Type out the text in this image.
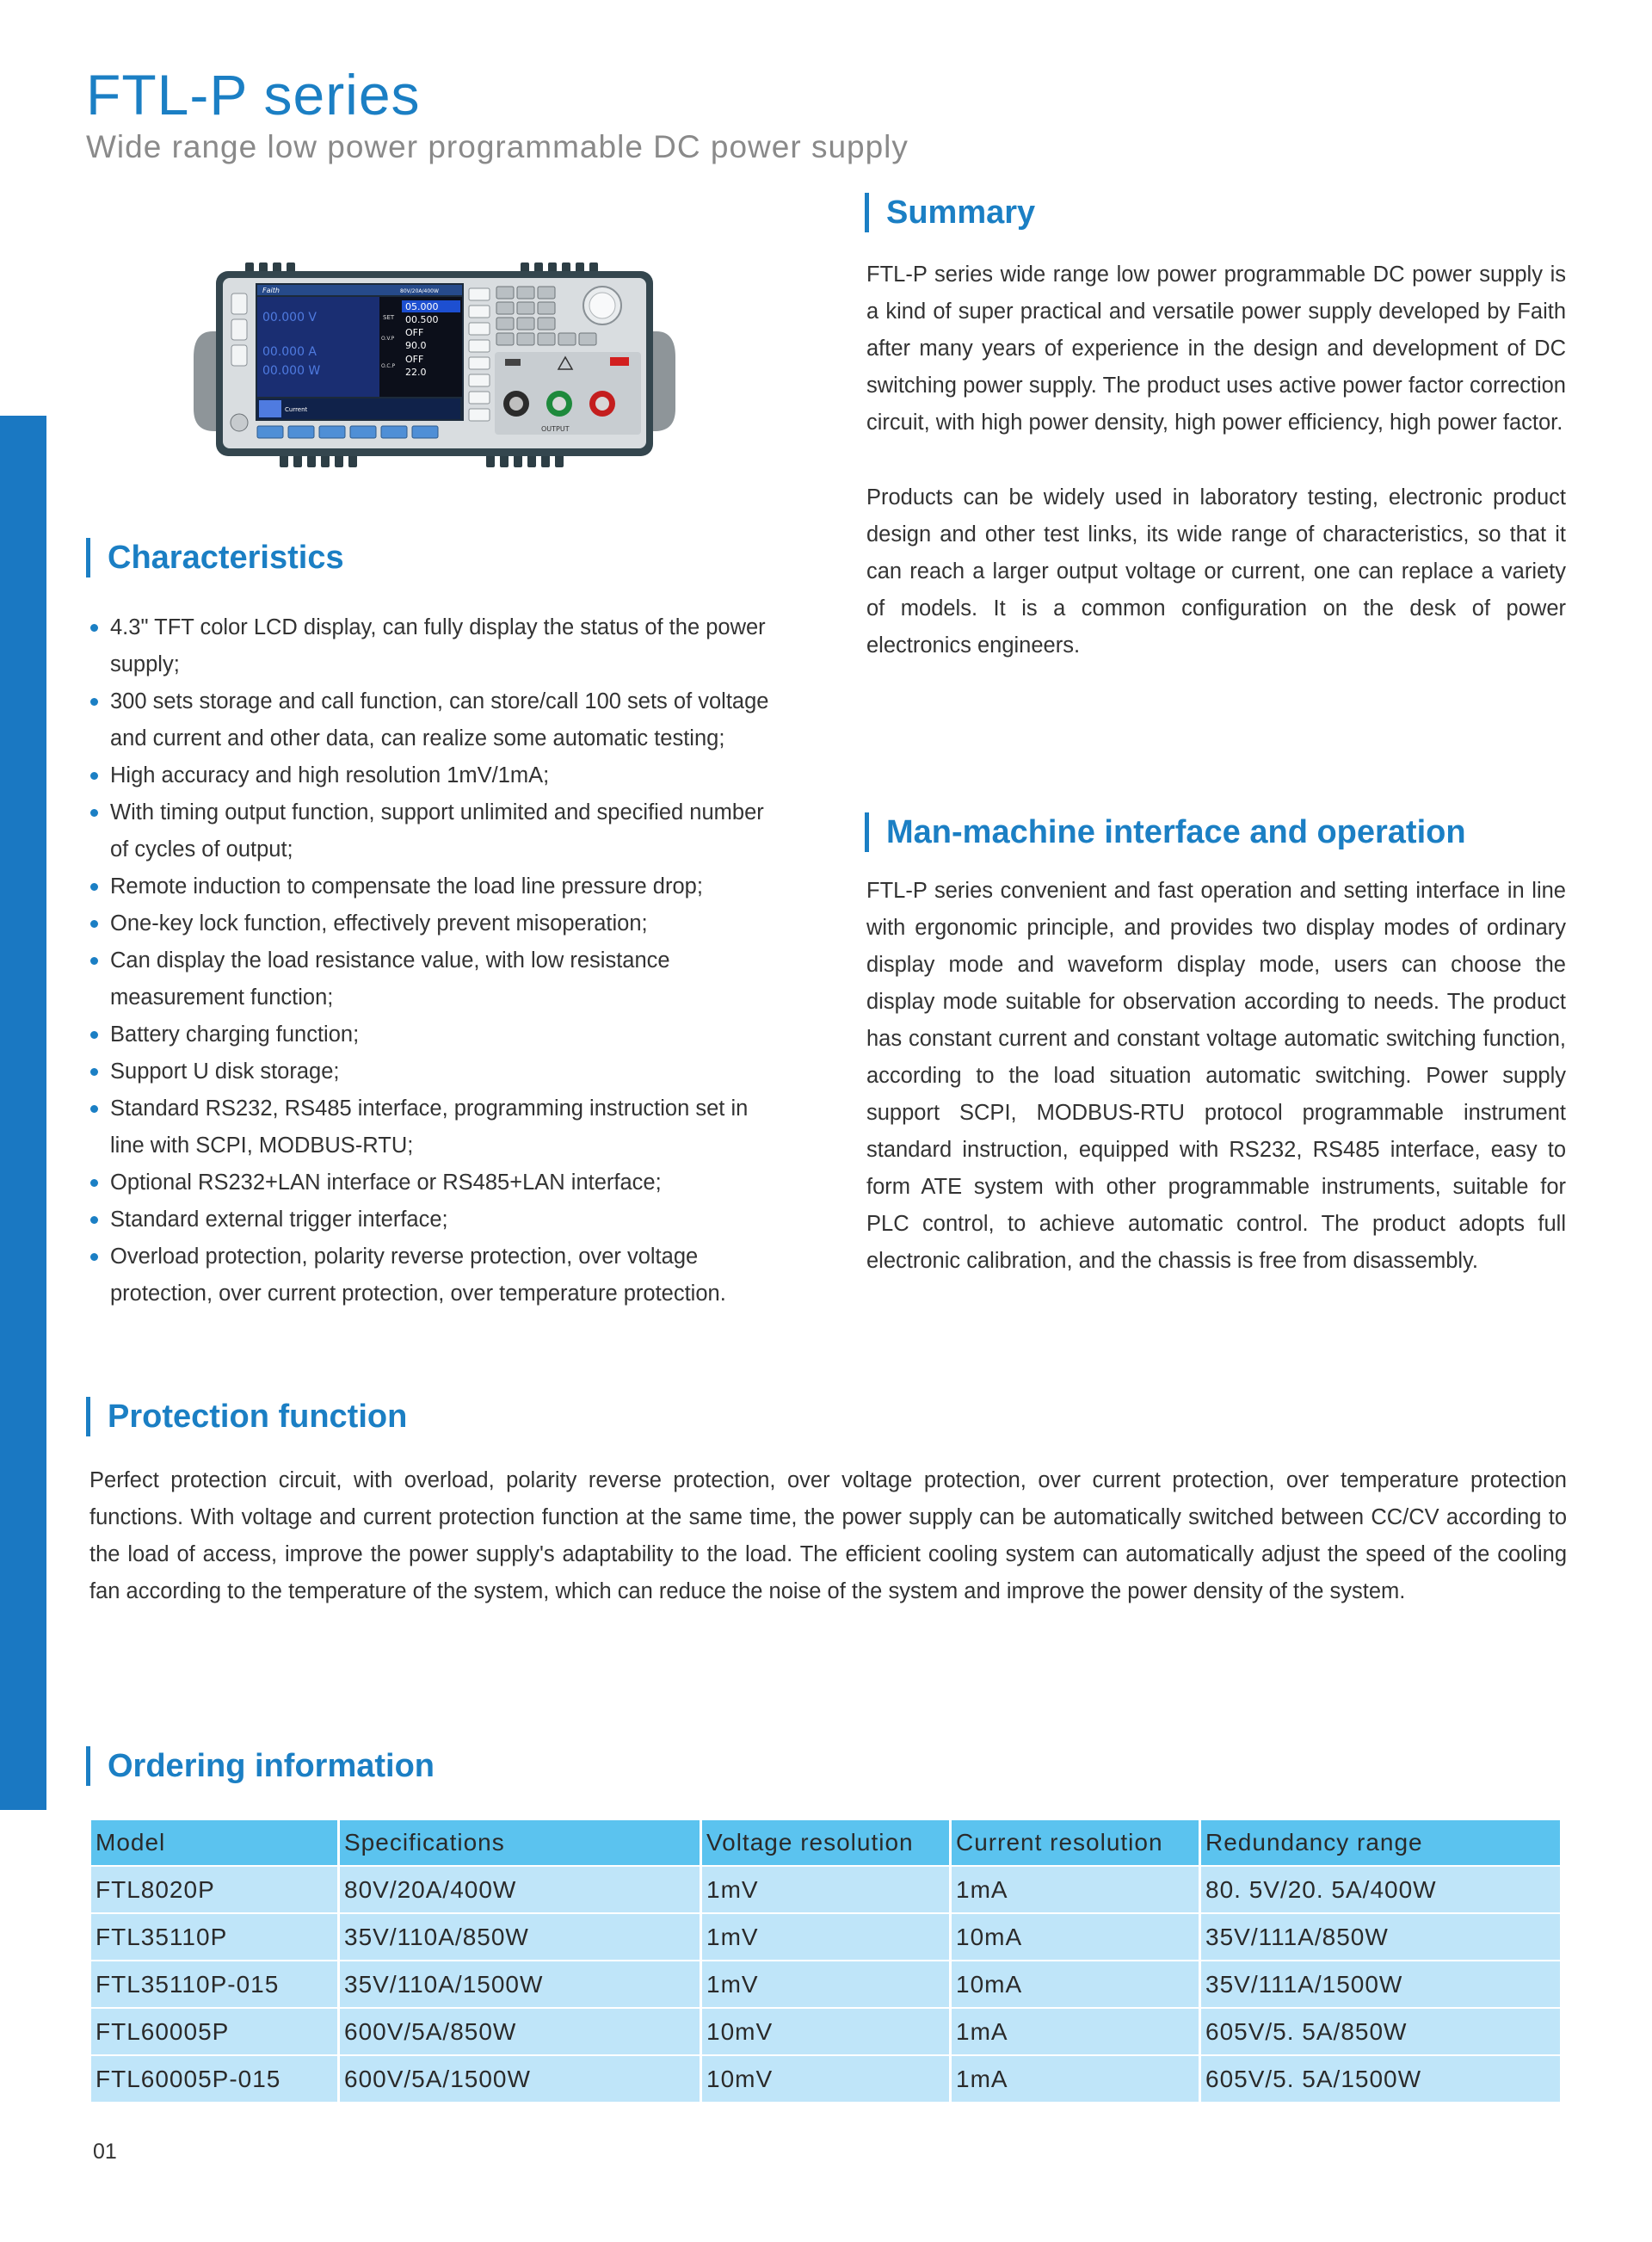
FTL-P series
Wide range low power programmable DC power supply
Faith	80V/20A/400W
00.000 V
00.000 A
00.000 W
SET
O.V.P
O.C.P
05.000
00.500
OFF
90.0
OFF
22.0
Current
OUTPUT
Characteristics
4.3" TFT color LCD display, can fully display the status of the power supply;
300 sets storage and call function, can store/call 100 sets of voltage and current and other data, can realize some automatic testing;
High accuracy and high resolution 1mV/1mA;
With timing output function, support unlimited and specified number of cycles of output;
Remote induction to compensate the load line pressure drop;
One-key lock function, effectively prevent misoperation;
Can display the load resistance value, with low resistance measurement function;
Battery charging function;
Support U disk storage;
Standard RS232, RS485 interface, programming instruction set in line with SCPI, MODBUS-RTU;
Optional RS232+LAN interface or RS485+LAN interface;
Standard external trigger interface;
Overload protection, polarity reverse protection, over voltage protection, over current protection, over temperature protection.
Summary

FTL-P series wide range low power programmable DC power supply is a kind of super practical and versatile power supply developed by Faith after many years of experience in the design and development of DC switching power supply. The product uses active power factor correction circuit, with high power density, high power efficiency, high power factor.

Products can be widely used in laboratory testing, electronic product design and other test links, its wide range of characteristics, so that it can reach a larger output voltage or current, one can replace a variety of models. It is a common configuration on the desk of power electronics engineers.

Man-machine interface and operation

FTL-P series convenient and fast operation and setting interface in line with ergonomic principle, and provides two display modes of ordinary display mode and waveform display mode, users can choose the display mode suitable for observation according to needs. The product has constant current and constant voltage automatic switching function, according to the load situation automatic switching. Power supply support SCPI, MODBUS-RTU protocol programmable instrument standard instruction, equipped with RS232, RS485 interface, easy to form ATE system with other programmable instruments, suitable for PLC control, to achieve automatic control. The product adopts full electronic calibration, and the chassis is free from disassembly.

Protection function

Perfect protection circuit, with overload, polarity reverse protection, over voltage protection, over current protection, over temperature protection functions. With voltage and current protection function at the same time, the power supply can be automatically switched between CC/CV according to the load of access, improve the power supply's adaptability to the load. The efficient cooling system can automatically adjust the speed of the cooling fan according to the temperature of the system, which can reduce the noise of the system and improve the power density of the system.

Ordering information
Model	Specifications	Voltage resolution	Current resolution	Redundancy range
FTL8020P	80V/20A/400W	1mV	1mA	80. 5V/20. 5A/400W
FTL35110P	35V/110A/850W	1mV	10mA	35V/111A/850W
FTL35110P-015	35V/110A/1500W	1mV	10mA	35V/111A/1500W
FTL60005P	600V/5A/850W	10mV	1mA	605V/5. 5A/850W
FTL60005P-015	600V/5A/1500W	10mV	1mA	605V/5. 5A/1500W
01
